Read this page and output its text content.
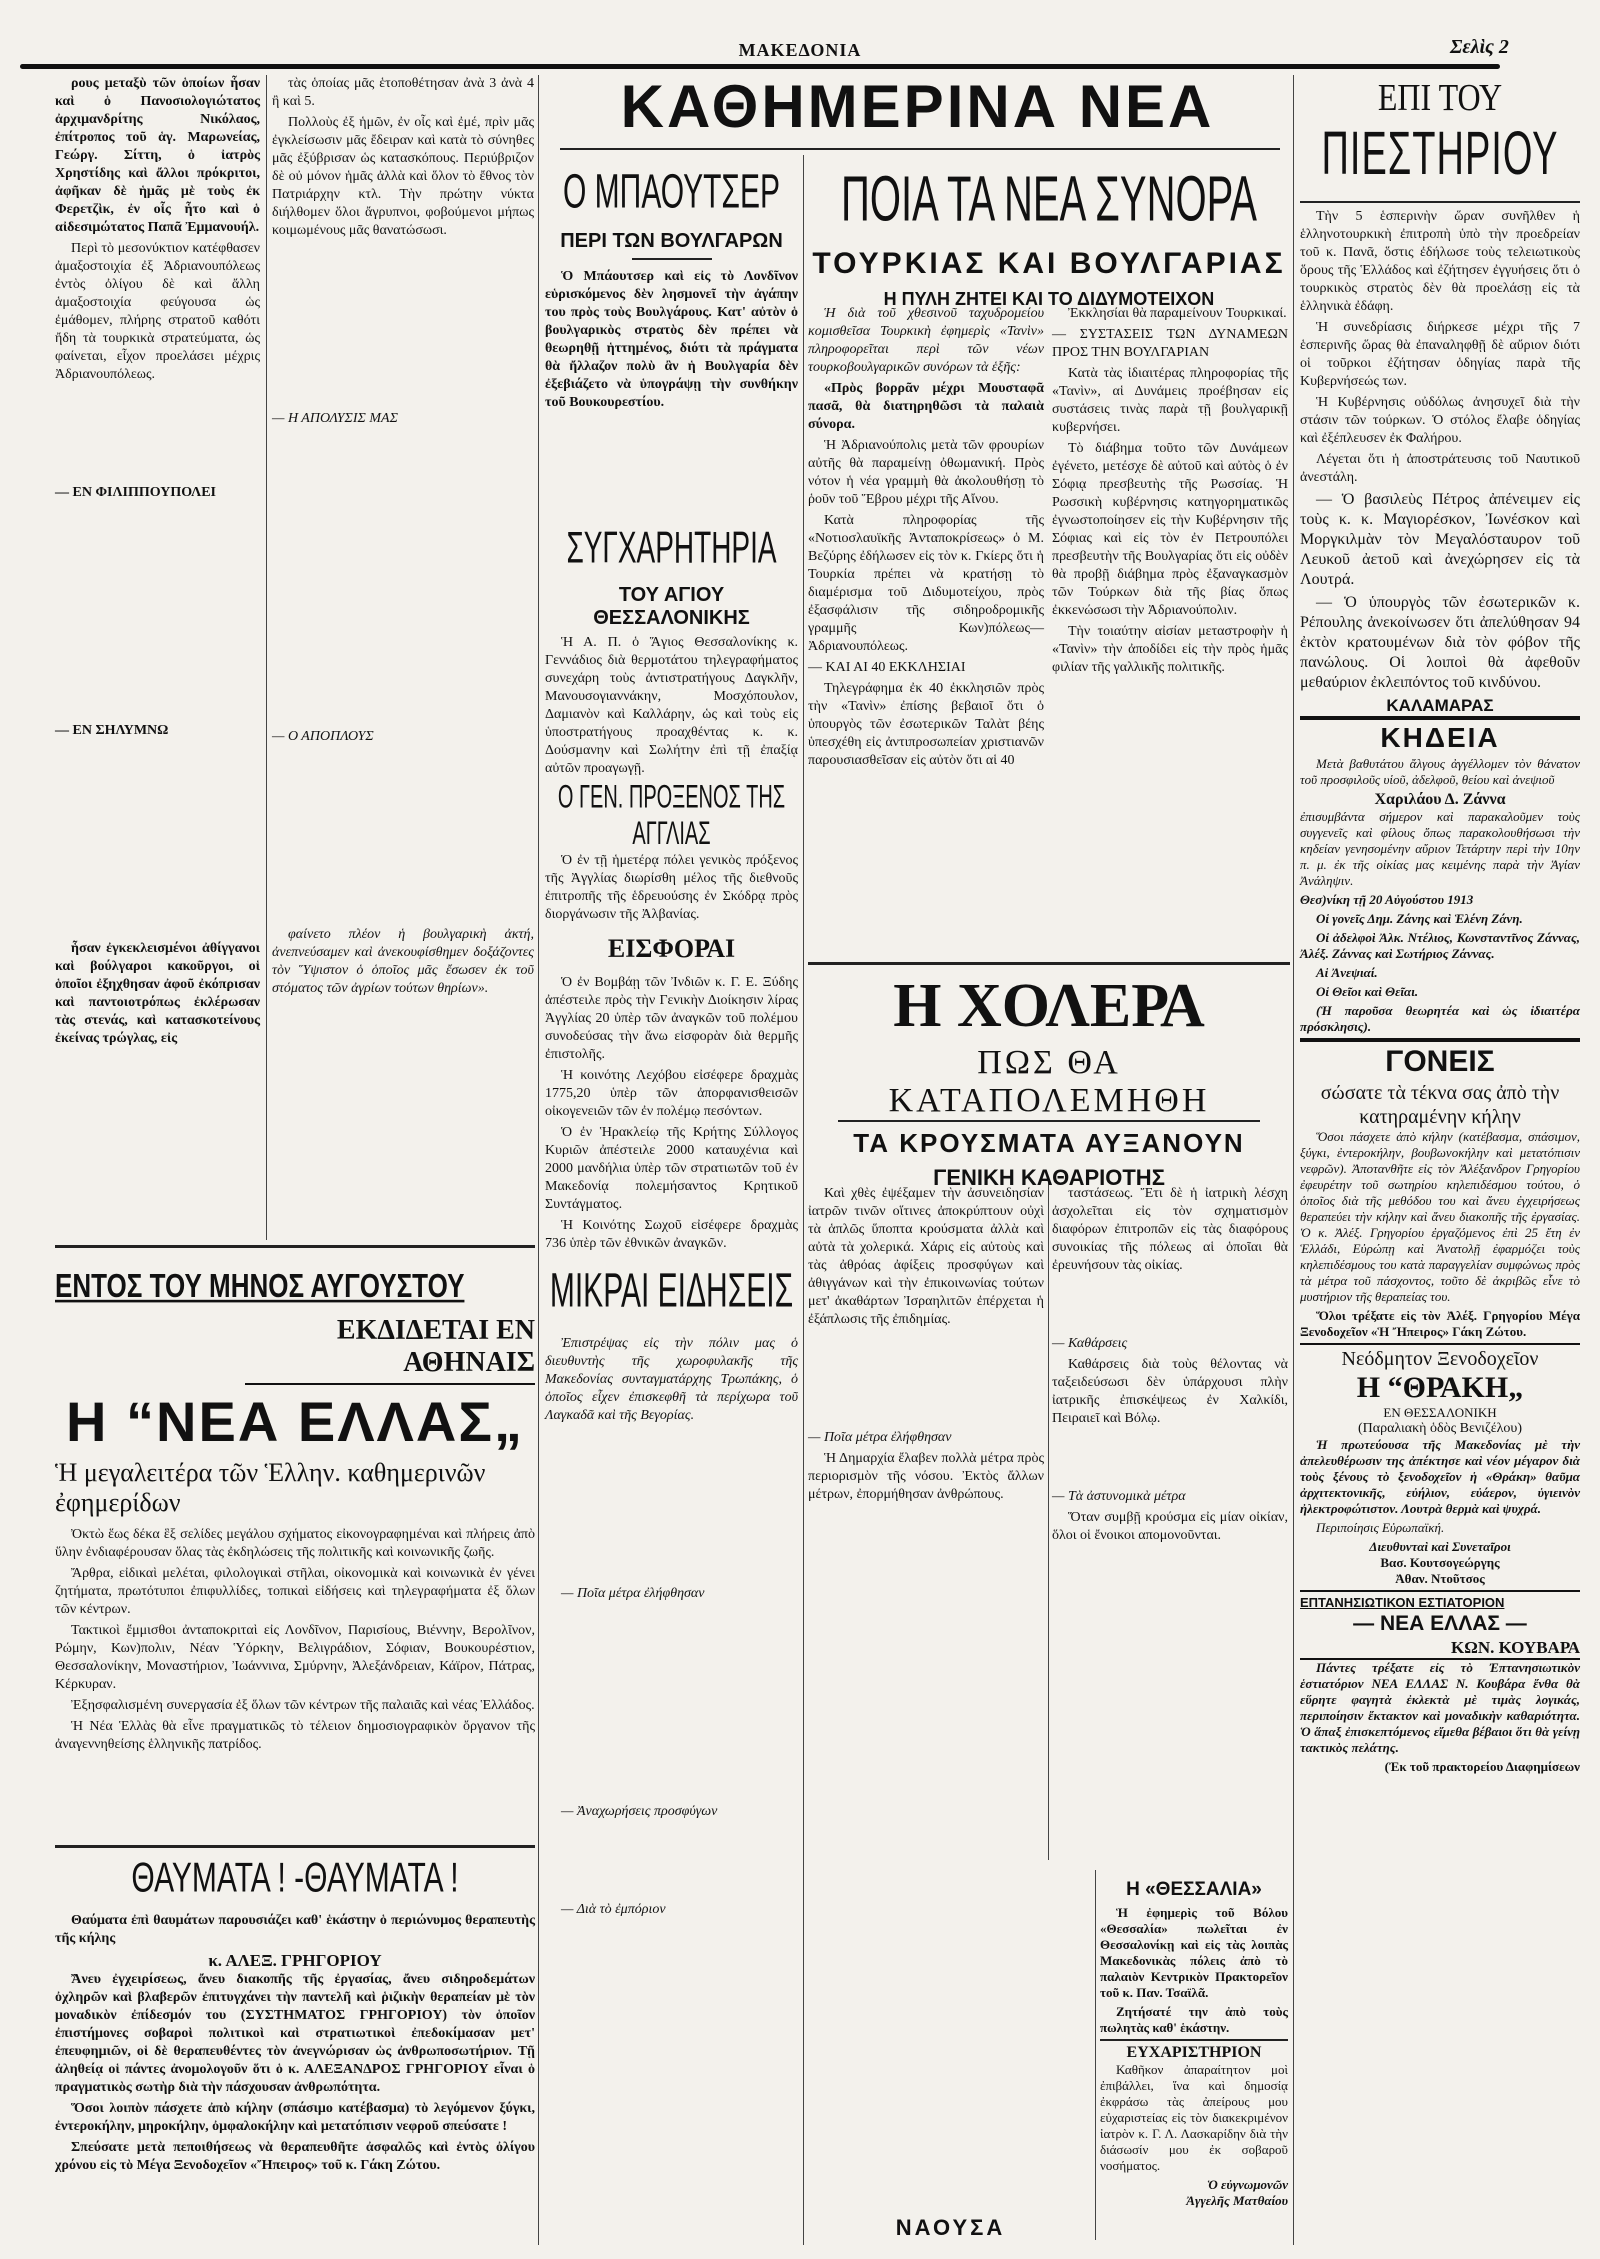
ΜΑΚΕΔΟΝΙΑ	Σελὶς 2

ρους μεταξὺ τῶν ὁποίων ἦσαν καὶ ὁ Πανοσιολογιώτατος ἀρχιμανδρίτης Νικόλαος, ἐπίτροπος τοῦ ἁγ. Μαρωνείας, Γεώργ. Σίττη, ὁ ἰατρὸς Χρηστίδης καὶ ἄλλοι πρόκριτοι, ἀφῆκαν δὲ ἡμᾶς μὲ τοὺς ἐκ Φερετζὶκ, ἐν οἷς ἦτο καὶ ὁ αἰδεσιμώτατος Παπᾶ Ἐμμανουήλ.

Περὶ τὸ μεσονύκτιον κατέφθασεν ἀμαξοστοιχία ἐξ Ἀδριανουπόλεως ἐντὸς ὀλίγου δὲ καὶ ἄλλη ἁμαξοστοιχία φεύγουσα ὡς ἐμάθομεν, πλήρης στρατοῦ καθότι ἤδη τὰ τουρκικὰ στρατεύματα, ὡς φαίνεται, εἶχον προελάσει μέχρις Ἀδριανουπόλεως.

— ΕΝ ΦΙΛΙΠΠΟΥΠΟΛΕΙ

— ΕΝ ΣΗΛΥΜΝΩ

ἦσαν ἐγκεκλεισμένοι ἀθίγγανοι καὶ βούλγαροι κακοῦργοι, οἱ ὁποῖοι ἐξηχθησαν ἀφοῦ ἐκόπρισαν καὶ παντοιοτρόπως ἐκλέρωσαν τὰς στενάς, καὶ κατασκοτείνους ἐκείνας τρώγλας, εἰς

τὰς ὁποίας μᾶς ἑτοποθέτησαν ἀνὰ 3 ἀνὰ 4 ἢ καὶ 5.

Πολλοὺς ἐξ ἡμῶν, ἐν οἷς καὶ ἐμέ, πρὶν μᾶς ἐγκλείσωσιν μᾶς ἔδειραν καὶ κατὰ τὸ σύνηθες μᾶς ἐξύβρισαν ὡς κατασκόπους. Περιύβριζον δὲ οὐ μόνον ἡμᾶς ἀλλὰ καὶ ὅλον τὸ ἔθνος τὸν Πατριάρχην κτλ. Τὴν πρώτην νύκτα διήλθομεν ὅλοι ἄγρυπνοι, φοβούμενοι μήπως κοιμωμένους μᾶς θανατώσωσι.

— Η ΑΠΟΛΥΣΙΣ ΜΑΣ

— Ο ΑΠΟΠΛΟΥΣ

φαίνετο πλέον ἡ βουλγαρικὴ ἀκτή, ἀνεπνεύσαμεν καὶ ἀνεκουφίσθημεν δοξάζοντες τὸν Ὕψιστον ὁ ὁποῖος μᾶς ἔσωσεν ἐκ τοῦ στόματος τῶν ἀγρίων τούτων θηρίων».

ΕΝΤΟΣ ΤΟΥ ΜΗΝΟΣ ΑΥΓΟΥΣΤΟΥ
ΕΚΔΙΔΕΤΑΙ ΕΝ ΑΘΗΝΑΙΣ
Η “ΝΕΑ ΕΛΛΑΣ„
Ἡ μεγαλειτέρα τῶν Ἑλλην. καθημερινῶν ἐφημερίδων

Ὀκτὼ ἕως δέκα ἓξ σελίδες μεγάλου σχήματος εἰκονογραφημέναι καὶ πλήρεις ἀπὸ ὕλην ἐνδιαφέρουσαν ὅλας τὰς ἐκδηλώσεις τῆς πολιτικῆς καὶ κοινωνικῆς ζωῆς.

Ἄρθρα, εἰδικαὶ μελέται, φιλολογικαὶ στῆλαι, οἰκονομικὰ καὶ κοινωνικὰ ἐν γένει ζητήματα, πρωτότυποι ἐπιφυλλίδες, τοπικαὶ εἰδήσεις καὶ τηλεγραφήματα ἐξ ὅλων τῶν κέντρων.

Τακτικοὶ ἔμμισθοι ἀνταποκριταὶ εἰς Λονδῖνον, Παρισίους, Βιέννην, Βερολῖνον, Ρώμην, Κων)πολιν, Νέαν Ὑόρκην, Βελιγράδιον, Σόφιαν, Βουκουρέστιον, Θεσσαλονίκην, Μοναστήριον, Ἰωάννινα, Σμύρνην, Ἀλεξάνδρειαν, Κάϊρον, Πάτρας, Κέρκυραν.

Ἐξησφαλισμένη συνεργασία ἐξ ὅλων τῶν κέντρων τῆς παλαιᾶς καὶ νέας Ἑλλάδος.

Ἡ Νέα Ἑλλὰς θὰ εἶνε πραγματικῶς τὸ τέλειον δημοσιογραφικὸν ὄργανον τῆς ἀναγεννηθείσης ἑλληνικῆς πατρίδος.

ΘΑΥΜΑΤΑ ! -ΘΑΥΜΑΤΑ !

Θαύματα ἐπὶ θαυμάτων παρουσιάζει καθ' ἑκάστην ὁ περιώνυμος θεραπευτὴς τῆς κήλης

κ. ΑΛΕΞ. ΓΡΗΓΟΡΙΟΥ

Ἄνευ ἐγχειρίσεως, ἄνευ διακοπῆς τῆς ἐργασίας, ἄνευ σιδηροδεμάτων ὀχληρῶν καὶ βλαβερῶν ἐπιτυγχάνει τὴν παντελῆ καὶ ῥιζικὴν θεραπείαν μὲ τὸν μοναδικὸν ἐπίδεσμόν του (ΣΥΣΤΗΜΑΤΟΣ ΓΡΗΓΟΡΙΟΥ) τὸν ὁποῖον ἐπιστήμονες σοβαροὶ πολιτικοὶ καὶ στρατιωτικοὶ ἐπεδοκίμασαν μετ' ἐπευφημιῶν, οἱ δὲ θεραπευθέντες τὸν ἀνεγνώρισαν ὡς ἀνθρωποσωτήριον. Τῇ ἀληθείᾳ οἱ πάντες ἀνομολογοῦν ὅτι ὁ κ. ΑΛΕΞΑΝΔΡΟΣ ΓΡΗΓΟΡΙΟΥ εἶναι ὁ πραγματικὸς σωτὴρ διὰ τὴν πάσχουσαν ἀνθρωπότητα.

Ὅσοι λοιπὸν πάσχετε ἀπὸ κήλην (σπάσιμο κατέβασμα) τὸ λεγόμενον ξύγκι, ἐντεροκήλην, μηροκήλην, ὀμφαλοκήλην καὶ μετατόπισιν νεφροῦ σπεύσατε !

Σπεύσατε μετὰ πεποιθήσεως νὰ θεραπευθῆτε ἀσφαλῶς καὶ ἐντὸς ὀλίγου χρόνου εἰς τὸ Μέγα Ξενοδοχεῖον «Ἤπειρος» τοῦ κ. Γάκη Ζώτου.

ΚΑΘΗΜΕΡΙΝΑ ΝΕΑ
Ο ΜΠΑΟΥΤΣΕΡ
ΠΕΡΙ ΤΩΝ ΒΟΥΛΓΑΡΩΝ

Ὁ Μπάουτσερ καὶ εἰς τὸ Λονδῖνον εὑρισκόμενος δὲν λησμονεῖ τὴν ἀγάπην του πρὸς τοὺς Βουλγάρους. Κατ' αὐτὸν ὁ βουλγαρικὸς στρατὸς δὲν πρέπει νὰ θεωρηθῇ ἡττημένος, διότι τὰ πράγματα θὰ ἤλλαζον πολὺ ἂν ἡ Βουλγαρία δὲν ἐξεβιάζετο νὰ ὑπογράψῃ τὴν συνθήκην τοῦ Βουκουρεστίου.

ΣΥΓΧΑΡΗΤΗΡΙΑ
ΤΟΥ ΑΓΙΟΥ ΘΕΣΣΑΛΟΝΙΚΗΣ

Ἡ Α. Π. ὁ Ἅγιος Θεσσαλονίκης κ. Γεννάδιος διὰ θερμοτάτου τηλεγραφήματος συνεχάρη τοὺς ἀντιστρατήγους Δαγκλῆν, Μανουσογιαννάκην, Μοσχόπουλον, Δαμιανὸν καὶ Καλλάρην, ὡς καὶ τοὺς εἰς ὑποστρατήγους προαχθέντας κ. κ. Δούσμανην καὶ Σωλήτην ἐπὶ τῇ ἐπαξίᾳ αὐτῶν προαγωγῇ.

Ο ΓΕΝ. ΠΡΟΞΕΝΟΣ ΤΗΣ ΑΓΓΛΙΑΣ

Ὁ ἐν τῇ ἡμετέρᾳ πόλει γενικὸς πρόξενος τῆς Ἀγγλίας διωρίσθη μέλος τῆς διεθνοῦς ἐπιτροπῆς τῆς ἑδρευούσης ἐν Σκόδρᾳ πρὸς διοργάνωσιν τῆς Ἀλβανίας.

ΕΙΣΦΟΡΑΙ

Ὁ ἐν Βομβάῃ τῶν Ἰνδιῶν κ. Γ. Ε. Ξύδης ἀπέστειλε πρὸς τὴν Γενικὴν Διοίκησιν λίρας Ἀγγλίας 20 ὑπὲρ τῶν ἀναγκῶν τοῦ πολέμου συνοδεύσας τὴν ἄνω εἰσφορὰν διὰ θερμῆς ἐπιστολῆς.

Ἡ κοινότης Λεχόβου εἰσέφερε δραχμὰς 1775,20 ὑπὲρ τῶν ἀπορφανισθεισῶν οἰκογενειῶν τῶν ἐν πολέμῳ πεσόντων.

Ὁ ἐν Ἡρακλείῳ τῆς Κρήτης Σύλλογος Κυριῶν ἀπέστειλε 2000 καταυχένια καὶ 2000 μανδήλια ὑπὲρ τῶν στρατιωτῶν τοῦ ἐν Μακεδονίᾳ πολεμήσαντος Κρητικοῦ Συντάγματος.

Ἡ Κοινότης Σωχοῦ εἰσέφερε δραχμὰς 736 ὑπὲρ τῶν ἐθνικῶν ἀναγκῶν.

ΜΙΚΡΑΙ ΕΙΔΗΣΕΙΣ

Ἐπιστρέψας εἰς τὴν πόλιν μας ὁ διευθυντὴς τῆς χωροφυλακῆς τῆς Μακεδονίας συνταγματάρχης Τρωπάκης, ὁ ὁποῖος εἶχεν ἐπισκεφθῆ τὰ περίχωρα τοῦ Λαγκαδᾶ καὶ τῆς Βεγορίας.

— Ποῖα μέτρα ἐλήφθησαν

— Ἀναχωρήσεις προσφύγων

— Διὰ τὸ ἐμπόριον

ΠΟΙΑ ΤΑ ΝΕΑ ΣΥΝΟΡΑ
ΤΟΥΡΚΙΑΣ ΚΑΙ ΒΟΥΛΓΑΡΙΑΣ
Η ΠΥΛΗ ΖΗΤΕΙ ΚΑΙ ΤΟ ΔΙΔΥΜΟΤΕΙΧΟΝ

Ἡ διὰ τοῦ χθεσινοῦ ταχυδρομείου κομισθεῖσα Τουρκικὴ ἐφημερὶς «Τανὶν» πληροφορεῖται περὶ τῶν νέων τουρκοβουλγαρικῶν συνόρων τὰ ἑξῆς:

«Πρὸς βορρᾶν μέχρι Μουσταφᾶ πασᾶ, θὰ διατηρηθῶσι τὰ παλαιὰ σύνορα.

Ἡ Ἀδριανούπολις μετὰ τῶν φρουρίων αὐτῆς θὰ παραμείνῃ ὀθωμανική. Πρὸς νότον ἡ νέα γραμμὴ θὰ ἀκολουθήσῃ τὸ ῥοῦν τοῦ Ἕβρου μέχρι τῆς Αἴνου.

Κατὰ πληροφορίας τῆς «Νοτιοσλαυϊκῆς Ἀνταποκρίσεως» ὁ Μ. Βεζύρης ἐδήλωσεν εἰς τὸν κ. Γκίερς ὅτι ἡ Τουρκία πρέπει νὰ κρατήσῃ τὸ διαμέρισμα τοῦ Διδυμοτείχου, πρὸς ἐξασφάλισιν τῆς σιδηροδρομικῆς γραμμῆς Κων)πόλεως—Ἀδριανουπόλεως.

— ΚΑΙ ΑΙ 40 ΕΚΚΛΗΣΙΑΙ

Τηλεγράφημα ἐκ 40 ἐκκλησιῶν πρὸς τὴν «Τανὶν» ἐπίσης βεβαιοῖ ὅτι ὁ ὑπουργὸς τῶν ἐσωτερικῶν Ταλὰτ βέης ὑπεσχέθη εἰς ἀντιπροσωπείαν χριστιανῶν παρουσιασθεῖσαν εἰς αὐτὸν ὅτι αἱ 40

Ἐκκλησίαι θὰ παραμείνουν Τουρκικαί.

— ΣΥΣΤΑΣΕΙΣ ΤΩΝ ΔΥΝΑΜΕΩΝ ΠΡΟΣ ΤΗΝ ΒΟΥΛΓΑΡΙΑΝ

Κατὰ τὰς ἰδιαιτέρας πληροφορίας τῆς «Τανὶν», αἱ Δυνάμεις προέβησαν εἰς συστάσεις τινὰς παρὰ τῇ βουλγαρικῇ κυβερνήσει.

Τὸ διάβημα τοῦτο τῶν Δυνάμεων ἐγένετο, μετέσχε δὲ αὐτοῦ καὶ αὐτὸς ὁ ἐν Σόφιᾳ πρεσβευτὴς τῆς Ρωσσίας. Ἡ Ρωσσικὴ κυβέρνησις κατηγορηματικῶς ἐγνωστοποίησεν εἰς τὴν Κυβέρνησιν τῆς Σόφιας καὶ εἰς τὸν ἐν Πετρουπόλει πρεσβευτὴν τῆς Βουλγαρίας ὅτι εἰς οὐδὲν θὰ προβῇ διάβημα πρὸς ἐξαναγκασμὸν τῶν Τούρκων διὰ τῆς βίας ὅπως ἐκκενώσωσι τὴν Ἀδριανούπολιν.

Τὴν τοιαύτην αἰσίαν μεταστροφὴν ἡ «Τανὶν» τὴν ἀποδίδει εἰς τὴν πρὸς ἡμᾶς φιλίαν τῆς γαλλικῆς πολιτικῆς.

Η ΧΟΛΕΡΑ
ΠΩΣ ΘΑ ΚΑΤΑΠΟΛΕΜΗΘΗ
ΤΑ ΚΡΟΥΣΜΑΤΑ ΑΥΞΑΝΟΥΝ
ΓΕΝΙΚΗ ΚΑΘΑΡΙΟΤΗΣ

Καὶ χθὲς ἐψέξαμεν τὴν ἀσυνειδησίαν ἰατρῶν τινῶν οἵτινες ἀποκρύπτουν οὐχὶ τὰ ἁπλῶς ὕποπτα κρούσματα ἀλλὰ καὶ αὐτὰ τὰ χολερικά. Χάρις εἰς αὐτοὺς καὶ τὰς ἀθρόας ἀφίξεις προσφύγων καὶ ἀθιγγάνων καὶ τὴν ἐπικοινωνίας τούτων μετ' ἀκαθάρτων Ἰσραηλιτῶν ἐπέρχεται ἡ ἐξάπλωσις τῆς ἐπιδημίας.

— Ποῖα μέτρα ἐλήφθησαν

Ἡ Δημαρχία ἔλαβεν πολλὰ μέτρα πρὸς περιορισμὸν τῆς νόσου. Ἐκτὸς ἄλλων μέτρων, ἐπορμήθησαν ἀνθρώπους.

ταστάσεως. Ἔτι δὲ ἡ ἰατρικὴ λέσχη ἀσχολεῖται εἰς τὸν σχηματισμὸν διαφόρων ἐπιτροπῶν εἰς τὰς διαφόρους συνοικίας τῆς πόλεως αἱ ὁποῖαι θὰ ἐρευνήσουν τὰς οἰκίας.

— Καθάρσεις

Καθάρσεις διὰ τοὺς θέλοντας νὰ ταξειδεύσωσι δὲν ὑπάρχουσι πλὴν ἰατρικῆς ἐπισκέψεως ἐν Χαλκίδι, Πειραιεῖ καὶ Βόλῳ.

— Τὰ ἀστυνομικὰ μέτρα

Ὅταν συμβῇ κρούσμα εἰς μίαν οἰκίαν, ὅλοι οἱ ἔνοικοι απομονοῦνται.

ΝΑΟΥΣΑ
Η «ΘΕΣΣΑΛΙΑ»

Ἡ ἐφημερὶς τοῦ Βόλου «Θεσσαλία» πωλεῖται ἐν Θεσσαλονίκῃ καὶ εἰς τὰς λοιπὰς Μακεδονικὰς πόλεις ἀπὸ τὸ παλαιὸν Κεντρικὸν Πρακτορεῖον τοῦ κ. Παν. Τσαϊλᾶ.

Ζητήσατέ την ἀπὸ τοὺς πωλητὰς καθ' ἑκάστην.

ΕΥΧΑΡΙΣΤΗΡΙΟΝ

Καθῆκον ἀπαραίτητον μοὶ ἐπιβάλλει, ἵνα καὶ δημοσίᾳ ἐκφράσω τὰς ἀπείρους μου εὐχαριστείας εἰς τὸν διακεκριμένον ἰατρὸν κ. Γ. Λ. Λασκαρίδην διὰ τὴν διάσωσίν μου ἐκ σοβαροῦ νοσήματος.

Ὁ εὐγνωμονῶν
Ἀγγελῆς Ματθαίου
ΕΠΙ ΤΟΥ
ΠΙΕΣΤΗΡΙΟΥ

Τὴν 5 ἑσπερινὴν ὥραν συνῆλθεν ἡ ἑλληνοτουρκικὴ ἐπιτροπὴ ὑπὸ τὴν προεδρείαν τοῦ κ. Πανᾶ, ὅστις ἐδήλωσε τοὺς τελειωτικοὺς ὅρους τῆς Ἑλλάδος καὶ ἐζήτησεν ἐγγυήσεις ὅτι ὁ τουρκικὸς στρατὸς δὲν θὰ προελάσῃ εἰς τὰ ἑλληνικὰ ἐδάφη.

Ἡ συνεδρίασις διήρκεσε μέχρι τῆς 7 ἑσπερινῆς ὥρας θὰ ἐπαναληφθῇ δὲ αὔριον διότι οἱ τοῦρκοι ἐζήτησαν ὁδηγίας παρὰ τῆς Κυβερνήσεώς των.

Ἡ Κυβέρνησις οὐδόλως ἀνησυχεῖ διὰ τὴν στάσιν τῶν τούρκων. Ὁ στόλος ἔλαβε ὁδηγίας καὶ ἐξέπλευσεν ἐκ Φαλήρου.

Λέγεται ὅτι ἡ ἀποστράτευσις τοῦ Ναυτικοῦ ἀνεστάλη.

— Ὁ βασιλεὺς Πέτρος ἀπένειμεν εἰς τοὺς κ. κ. Μαγιορέσκον, Ἰωνέσκον καὶ Μοργκιλμὰν τὸν Μεγαλόσταυρον τοῦ Λευκοῦ ἀετοῦ καὶ ἀνεχώρησεν εἰς τὰ Λουτρά.

— Ὁ ὑπουργὸς τῶν ἐσωτερικῶν κ. Ρέπουλης ἀνεκοίνωσεν ὅτι ἀπελύθησαν 94 ἐκτὸν κρατουμένων διὰ τὸν φόβον τῆς πανώλους. Οἱ λοιποὶ θὰ ἀφεθοῦν μεθαύριον ἐκλειπόντος τοῦ κινδύνου.

ΚΑΛΑΜΑΡΑΣ
ΚΗΔΕΙΑ

Μετὰ βαθυτάτου ἄλγους ἀγγέλλομεν τὸν θάνατον τοῦ προσφιλοῦς υἱοῦ, ἀδελφοῦ, θείου καὶ ἀνεψιοῦ

Χαριλάου Δ. Ζάννα

ἐπισυμβάντα σήμερον καὶ παρακαλοῦμεν τοὺς συγγενεῖς καὶ φίλους ὅπως παρακολουθήσωσι τὴν κηδείαν γενησομένην αὔριον Τετάρτην περὶ τὴν 10ην π. μ. ἐκ τῆς οἰκίας μας κειμένης παρὰ τὴν Ἁγίαν Ἀνάληψιν.

Θεσ)νίκη τῇ 20 Αὐγούστου 1913

Οἱ γονεῖς Δημ. Ζάνης καὶ Ἑλένη Ζάνη.

Οἱ ἀδελφοὶ Ἀλκ. Ντέλιος, Κωνσταντῖνος Ζάννας, Ἀλέξ. Ζάννας καὶ Σωτήριος Ζάννας.

Αἱ Ἀνεψιαί.

Οἱ Θεῖοι καὶ Θεῖαι.

(Ἡ παροῦσα θεωρητέα καὶ ὡς ἰδιαιτέρα πρόσκλησις).

ΓΟΝΕΙΣ
σώσατε τὰ τέκνα σας ἀπὸ τὴν κατηραμένην κήλην

Ὅσοι πάσχετε ἀπὸ κήλην (κατέβασμα, σπάσιμον, ξύγκι, ἐντεροκήλην, βουβωνοκήλην καὶ μετατόπισιν νεφρῶν). Ἀποτανθῆτε εἰς τὸν Ἀλέξανδρον Γρηγορίου ἐφευρέτην τοῦ σωτηρίου κηλεπιδέσμου τούτου, ὁ ὁποῖος διὰ τῆς μεθόδου του καὶ ἄνευ ἐγχειρήσεως θεραπεύει τὴν κήλην καὶ ἄνευ διακοπῆς τῆς ἐργασίας. Ὁ κ. Ἀλέξ. Γρηγορίου ἐργαζόμενος ἐπὶ 25 ἔτη ἐν Ἑλλάδι, Εὐρώπῃ καὶ Ἀνατολῇ ἐφαρμόζει τοὺς κηλεπιδέσμους του κατὰ παραγγελίαν συμφώνως πρὸς τὰ μέτρα τοῦ πάσχοντος, τοῦτο δὲ ἀκριβῶς εἶνε τὸ μυστήριον τῆς θεραπείας του.

Ὅλοι τρέξατε εἰς τὸν Ἀλέξ. Γρηγορίου Μέγα Ξενοδοχεῖον «Ἡ Ἤπειρος» Γάκη Ζώτου.

Νεόδμητον Ξενοδοχεῖον
Η “ΘΡΑΚΗ„
ΕΝ ΘΕΣΣΑΛΟΝΙΚΗ
(Παραλιακὴ ὁδὸς Βενιζέλου)

Ἡ πρωτεύουσα τῆς Μακεδονίας μὲ τὴν ἀπελευθέρωσιν της ἀπέκτησε καὶ νέον μέγαρον διὰ τοὺς ξένους τὸ ξενοδοχεῖον ἡ «Θράκη» θαῦμα ἀρχιτεκτονικῆς, εὐήλιον, εὐάερον, ὑγιεινὸν ἠλεκτροφώτιστον. Λουτρὰ θερμὰ καὶ ψυχρά.

Περιποίησις Εὐρωπαϊκή.

Διευθυνταὶ καὶ Συνεταῖροι
Βασ. Κουτσογεώργης
Ἀθαν. Ντοῦτσος
ΕΠΤΑΝΗΣΙΩΤΙΚΟΝ ΕΣΤΙΑΤΟΡΙΟΝ
— ΝΕΑ ΕΛΛΑΣ —
ΚΩΝ. ΚΟΥΒΑΡΑ

Πάντες τρέξατε εἰς τὸ Ἐπτανησιωτικὸν ἑστιατόριον ΝΕΑ ΕΛΛΑΣ Ν. Κουβάρα ἔνθα θὰ εὕρητε φαγητὰ ἐκλεκτὰ μὲ τιμὰς λογικάς, περιποίησιν ἔκτακτον καὶ μοναδικὴν καθαριότητα. Ὁ ἅπαξ ἐπισκεπτόμενος εἴμεθα βέβαιοι ὅτι θὰ γείνῃ τακτικὸς πελάτης.

(Ἐκ τοῦ πρακτορείου Διαφημίσεων
